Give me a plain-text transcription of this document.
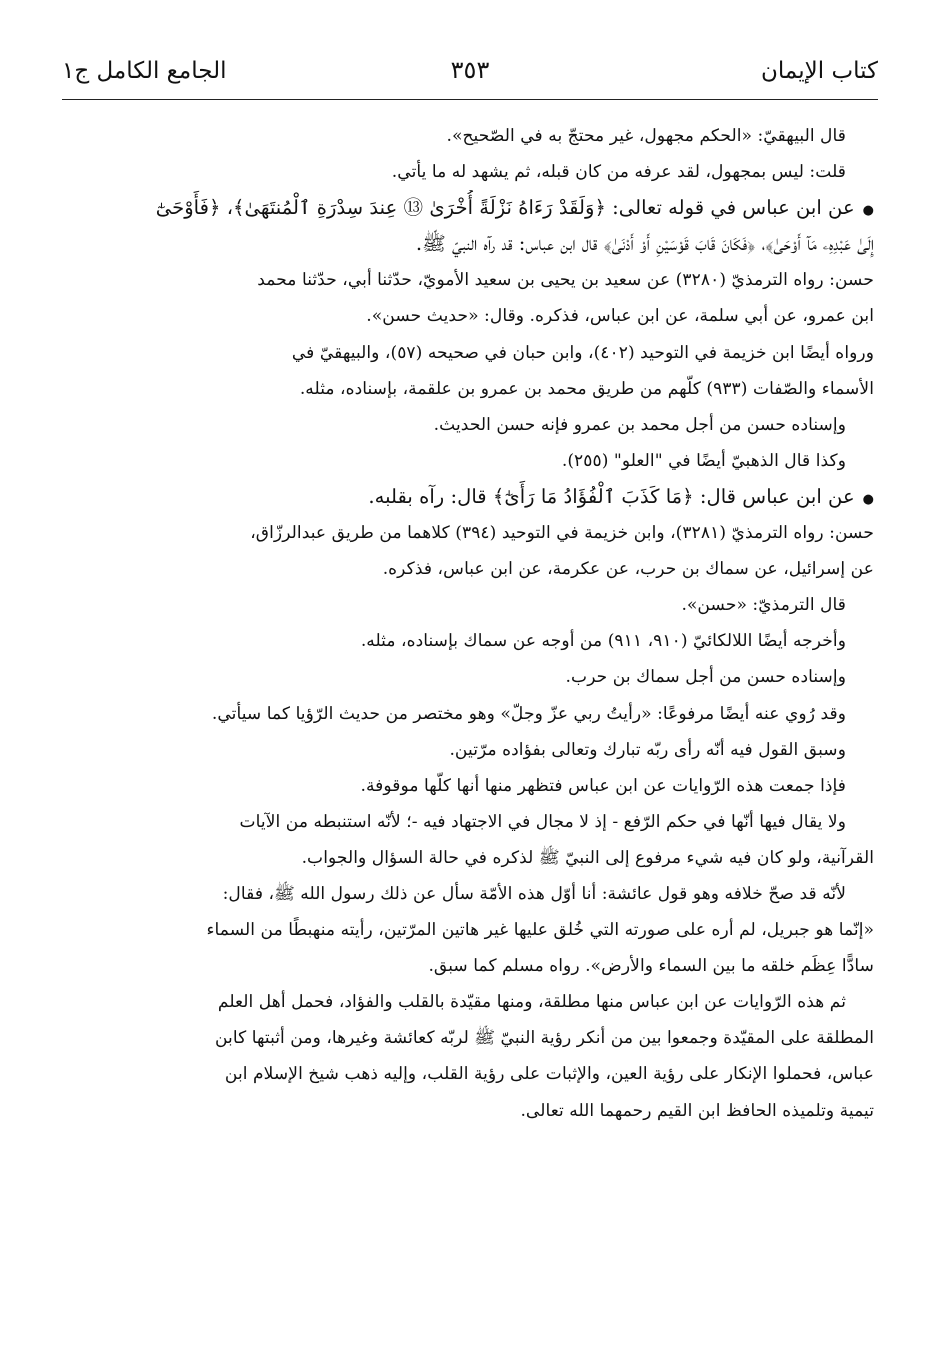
كتاب الإيمان
٣٥٣
الجامع الكامل ج١
قال البيهقيّ: «الحكم مجهول، غير محتجّ به في الصّحيح».
قلت: ليس بمجهول، لقد عرفه من كان قبله، ثم يشهد له ما يأتي.
●عن ابن عباس في قوله تعالى: ﴿وَلَقَدْ رَءَاهُ نَزْلَةً أُخْرَىٰ ⑬ عِندَ سِدْرَةِ ٱلْمُنتَهَىٰ﴾، ﴿فَأَوْحَىٰٓ
إِلَىٰ عَبْدِهِۦ مَآ أَوْحَىٰ﴾، ﴿فَكَانَ قَابَ قَوْسَيْنِ أَوْ أَدْنَىٰ﴾ قال ابن عباس: قد رآه النبيّ ﷺ.
حسن: رواه الترمذيّ (٣٢٨٠) عن سعيد بن يحيى بن سعيد الأمويّ، حدّثنا أبي، حدّثنا محمد
ابن عمرو، عن أبي سلمة، عن ابن عباس، فذكره. وقال: «حديث حسن».
ورواه أيضًا ابن خزيمة في التوحيد (٤٠٢)، وابن حبان في صحيحه (٥٧)، والبيهقيّ في
الأسماء والصّفات (٩٣٣) كلّهم من طريق محمد بن عمرو بن علقمة، بإسناده، مثله.
وإسناده حسن من أجل محمد بن عمرو فإنه حسن الحديث.
وكذا قال الذهبيّ أيضًا في "العلو" (٢٥٥).
●عن ابن عباس قال: ﴿مَا كَذَبَ ٱلْفُؤَادُ مَا رَأَىٰٓ﴾ قال: رآه بقلبه.
حسن: رواه الترمذيّ (٣٢٨١)، وابن خزيمة في التوحيد (٣٩٤) كلاهما من طريق عبدالرزّاق،
عن إسرائيل، عن سماك بن حرب، عن عكرمة، عن ابن عباس، فذكره.
قال الترمذيّ: «حسن».
وأخرجه أيضًا اللالكائيّ (٩١٠، ٩١١) من أوجه عن سماك بإسناده، مثله.
وإسناده حسن من أجل سماك بن حرب.
وقد رُوي عنه أيضًا مرفوعًا: «رأيتُ ربي عزّ وجلّ» وهو مختصر من حديث الرّؤيا كما سيأتي.
وسبق القول فيه أنّه رأى ربّه تبارك وتعالى بفؤاده مرّتين.
فإذا جمعت هذه الرّوايات عن ابن عباس فتظهر منها أنها كلّها موقوفة.
ولا يقال فيها أنّها في حكم الرّفع - إذ لا مجال في الاجتهاد فيه -؛ لأنّه استنبطه من الآيات
القرآنية، ولو كان فيه شيء مرفوع إلى النبيّ ﷺ لذكره في حالة السؤال والجواب.
لأنّه قد صحّ خلافه وهو قول عائشة: أنا أوّل هذه الأمّة سأل عن ذلك رسول الله ﷺ، فقال:
«إنّما هو جبريل، لم أره على صورته التي خُلق عليها غير هاتين المرّتين، رأيته منهبطًا من السماء
سادًّا عِظَم خلقه ما بين السماء والأرض». رواه مسلم كما سبق.
ثم هذه الرّوايات عن ابن عباس منها مطلقة، ومنها مقيّدة بالقلب والفؤاد، فحمل أهل العلم
المطلقة على المقيّدة وجمعوا بين من أنكر رؤية النبيّ ﷺ لربّه كعائشة وغيرها، ومن أثبتها كابن
عباس، فحملوا الإنكار على رؤية العين، والإثبات على رؤية القلب، وإليه ذهب شيخ الإسلام ابن
تيمية وتلميذه الحافظ ابن القيم رحمهما الله تعالى.
